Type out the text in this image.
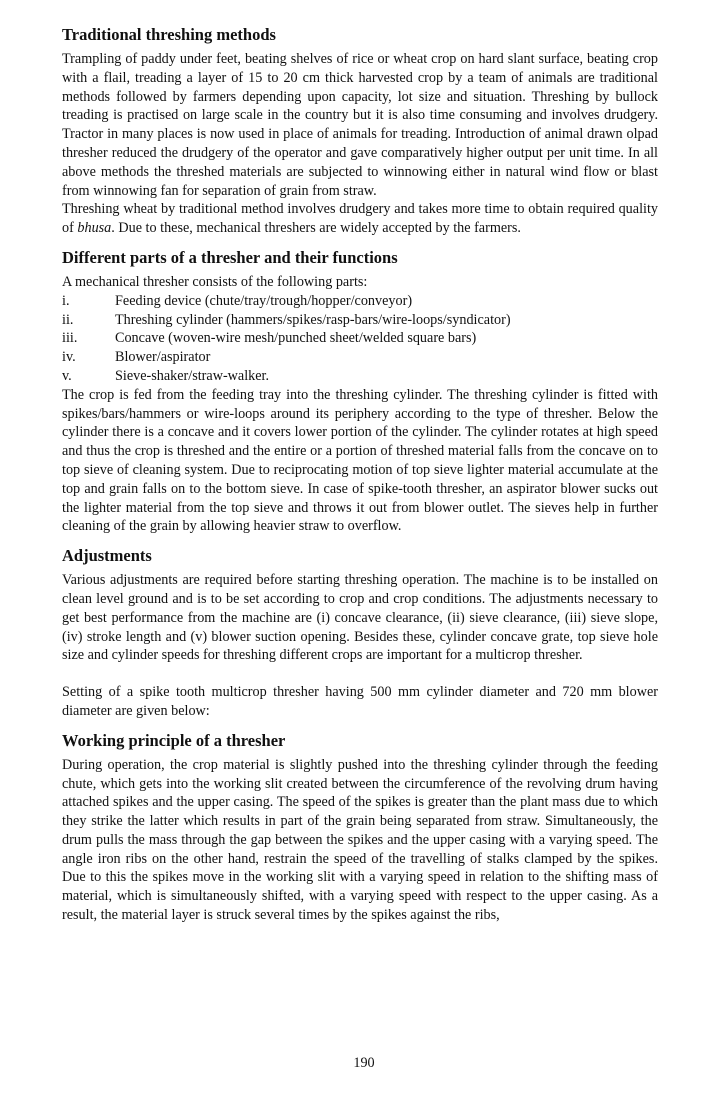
Traditional threshing methods

Trampling of paddy under feet, beating shelves of rice or wheat crop on hard slant surface, beating crop with a flail, treading a layer of 15 to 20 cm thick harvested crop by a team of animals are traditional methods followed by farmers depending upon capacity, lot size and situation. Threshing by bullock treading is practised on large scale in the country but it is also time consuming and involves drudgery. Tractor in many places is now used in place of animals for treading. Introduction of animal drawn olpad thresher reduced the drudgery of the operator and gave comparatively higher output per unit time. In all above methods the threshed materials are subjected to winnowing either in natural wind flow or blast from winnowing fan for separation of grain from straw.

Threshing wheat by traditional method involves drudgery and takes more time to obtain required quality of bhusa. Due to these, mechanical threshers are widely accepted by the farmers.

Different parts of a thresher and their functions

A mechanical thresher consists of the following parts:

i.	Feeding device (chute/tray/trough/hopper/conveyor)
ii.	Threshing cylinder (hammers/spikes/rasp-bars/wire-loops/syndicator)
iii.	Concave (woven-wire mesh/punched sheet/welded square bars)
iv.	Blower/aspirator
v.	Sieve-shaker/straw-walker.

The crop is fed from the feeding tray into the threshing cylinder. The threshing cylinder is fitted with spikes/bars/hammers or wire-loops around its periphery according to the type of thresher. Below the cylinder there is a concave and it covers lower portion of the cylinder. The cylinder rotates at high speed and thus the crop is threshed and the entire or a portion of threshed material falls from the concave on to top sieve of cleaning system. Due to reciprocating motion of top sieve lighter material accumulate at the top and grain falls on to the bottom sieve. In case of spike-tooth thresher, an aspirator blower sucks out the lighter material from the top sieve and throws it out from blower outlet. The sieves help in further cleaning of the grain by allowing heavier straw to overflow.

Adjustments

Various adjustments are required before starting threshing operation. The machine is to be installed on clean level ground and is to be set according to crop and crop conditions. The adjustments necessary to get best performance from the machine are (i) concave clearance, (ii) sieve clearance, (iii) sieve slope, (iv) stroke length and (v) blower suction opening. Besides these, cylinder concave grate, top sieve hole size and cylinder speeds for threshing different crops are important for a multicrop thresher.

Setting of a spike tooth multicrop thresher having 500 mm cylinder diameter and 720 mm blower diameter are given below:

Working principle of a thresher

During operation, the crop material is slightly pushed into the threshing cylinder through the feeding chute, which gets into the working slit created between the circumference of the revolving drum having attached spikes and the upper casing. The speed of the spikes is greater than the plant mass due to which they strike the latter which results in part of the grain being separated from straw. Simultaneously, the drum pulls the mass through the gap between the spikes and the upper casing with a varying speed. The angle iron ribs on the other hand, restrain the speed of the travelling of stalks clamped by the spikes. Due to this the spikes move in the working slit with a varying speed in relation to the shifting mass of material, which is simultaneously shifted, with a varying speed with respect to the upper casing. As a result, the material layer is struck several times by the spikes against the ribs,

190
